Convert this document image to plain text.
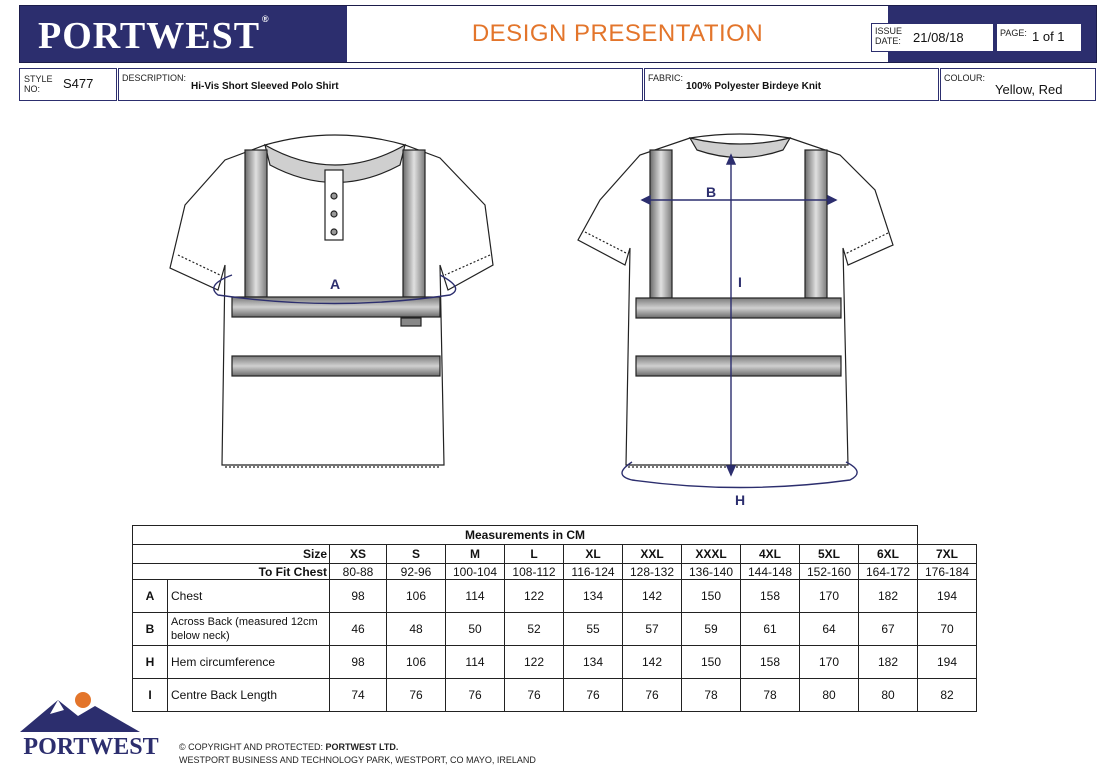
PORTWEST ®
DESIGN PRESENTATION	ISSUE
DATE: 21/08/18	PAGE: 1 of 1
STYLE
NO:	S477	DESCRIPTION:
Hi-Vis Short Sleeved Polo Shirt
FABRIC:
100% Polyester Birdeye Knit
COLOUR:
Yellow, Red
A
B
I
H
Measurements in CM												
Size		XS	S	M	L	XL	XXL	XXXL	4XL	5XL	6XL	7XL
To Fit Chest		80-88	92-96	100-104	108-112	116-124	128-132	136-140	144-148	152-160	164-172	176-184
A	Chest	98	106	114	122	134	142	150	158	170	182	194
B	Across Back (measured 12cm below neck)	46	48	50	52	55	57	59	61	64	67	70
H	Hem circumference	98	106	114	122	134	142	150	158	170	182	194
I	Centre Back Length	74	76	76	76	76	76	78	78	80	80	82
PORTWEST © COPYRIGHT AND PROTECTED: PORTWEST LTD.
WESTPORT BUSINESS AND TECHNOLOGY PARK, WESTPORT, CO MAYO, IRELAND
